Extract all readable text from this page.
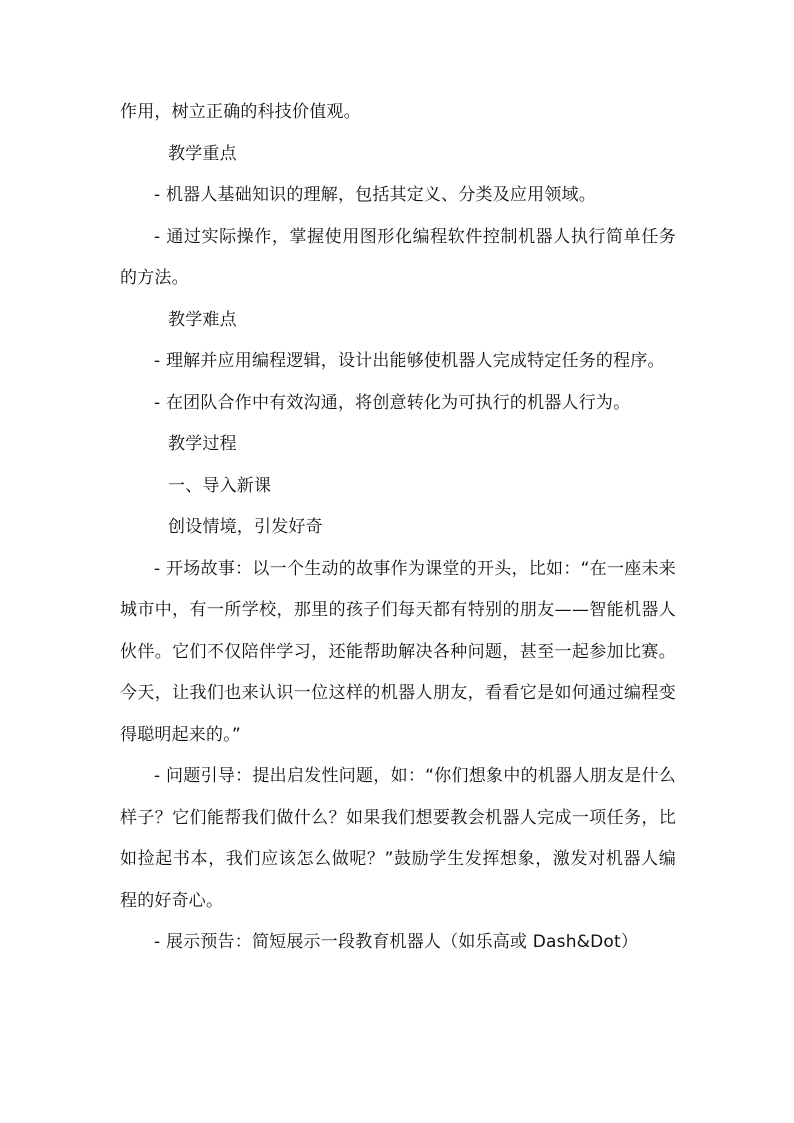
作用，树立正确的科技价值观。

教学重点

- 机器人基础知识的理解，包括其定义、分类及应用领域。

- 通过实际操作，掌握使用图形化编程软件控制机器人执行简单任务的方法。

教学难点

- 理解并应用编程逻辑，设计出能够使机器人完成特定任务的程序。

- 在团队合作中有效沟通，将创意转化为可执行的机器人行为。

教学过程

一、导入新课

创设情境，引发好奇

- 开场故事：以一个生动的故事作为课堂的开头，比如：“在一座未来城市中，有一所学校，那里的孩子们每天都有特别的朋友——智能机器人伙伴。它们不仅陪伴学习，还能帮助解决各种问题，甚至一起参加比赛。今天，让我们也来认识一位这样的机器人朋友，看看它是如何通过编程变得聪明起来的。”

- 问题引导：提出启发性问题，如：“你们想象中的机器人朋友是什么样子？它们能帮我们做什么？如果我们想要教会机器人完成一项任务，比如捡起书本，我们应该怎么做呢？”鼓励学生发挥想象，激发对机器人编程的好奇心。

- 展示预告：简短展示一段教育机器人（如乐高或 Dash&Dot）
